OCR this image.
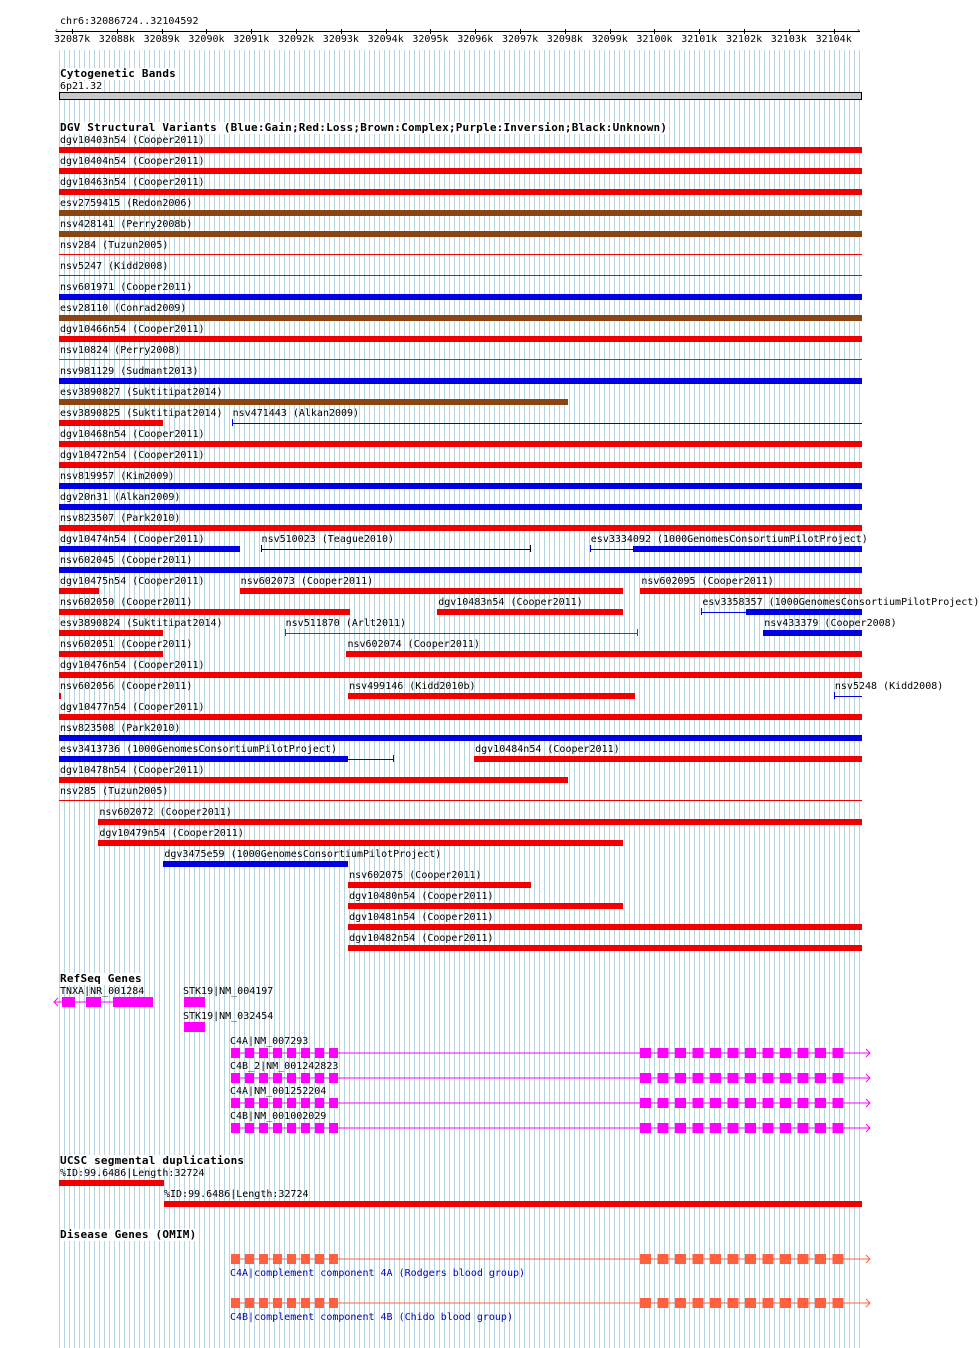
chr6:32086724..32104592
‹	›
32087k 32088k 32089k 32090k 32091k 32092k 32093k 32094k 32095k 32096k 32097k 32098k 32099k 32100k 32101k 32102k 32103k 32104k
Cytogenetic Bands
6p21.32
DGV Structural Variants (Blue:Gain;Red:Loss;Brown:Complex;Purple:Inversion;Black:Unknown)
dgv10403n54 (Cooper2011)
dgv10404n54 (Cooper2011)
dgv10463n54 (Cooper2011)
esv2759415 (Redon2006)
nsv428141 (Perry2008b)
nsv284 (Tuzun2005)
nsv5247 (Kidd2008)
nsv601971 (Cooper2011)
esv28110 (Conrad2009)
dgv10466n54 (Cooper2011)
nsv10824 (Perry2008)
nsv981129 (Sudmant2013)
esv3890827 (Suktitipat2014)
esv3890825 (Suktitipat2014) nsv471443 (Alkan2009)
dgv10468n54 (Cooper2011)
dgv10472n54 (Cooper2011)
nsv819957 (Kim2009)
dgv20n31 (Alkan2009)
nsv823507 (Park2010)
dgv10474n54 (Cooper2011)	nsv510023 (Teague2010)	esv3334092 (1000GenomesConsortiumPilotProject)
nsv602045 (Cooper2011)
dgv10475n54 (Cooper2011)	nsv602073 (Cooper2011)	nsv602095 (Cooper2011)
nsv602050 (Cooper2011)	dgv10483n54 (Cooper2011)	esv3358357 (1000GenomesConsortiumPilotProject)
esv3890824 (Suktitipat2014)	nsv511870 (Arlt2011)	nsv433379 (Cooper2008)
nsv602051 (Cooper2011)	nsv602074 (Cooper2011)
dgv10476n54 (Cooper2011)
nsv602056 (Cooper2011)	nsv499146 (Kidd2010b)	nsv5248 (Kidd2008)
dgv10477n54 (Cooper2011)
nsv823508 (Park2010)
esv3413736 (1000GenomesConsortiumPilotProject)	dgv10484n54 (Cooper2011)
dgv10478n54 (Cooper2011)
nsv285 (Tuzun2005)
nsv602072 (Cooper2011)
dgv10479n54 (Cooper2011)
dgv3475e59 (1000GenomesConsortiumPilotProject)
nsv602075 (Cooper2011)
dgv10480n54 (Cooper2011)
dgv10481n54 (Cooper2011)
dgv10482n54 (Cooper2011)
RefSeq Genes
TNXA|NR_001284	STK19|NM_004197
STK19|NM_032454
C4A|NM_007293
C4B_2|NM_001242823
C4A|NM_001252204
C4B|NM_001002029
UCSC segmental duplications
%ID:99.6486|Length:32724
%ID:99.6486|Length:32724
Disease Genes (OMIM)
C4A|complement component 4A (Rodgers blood group)
C4B|complement component 4B (Chido blood group)
